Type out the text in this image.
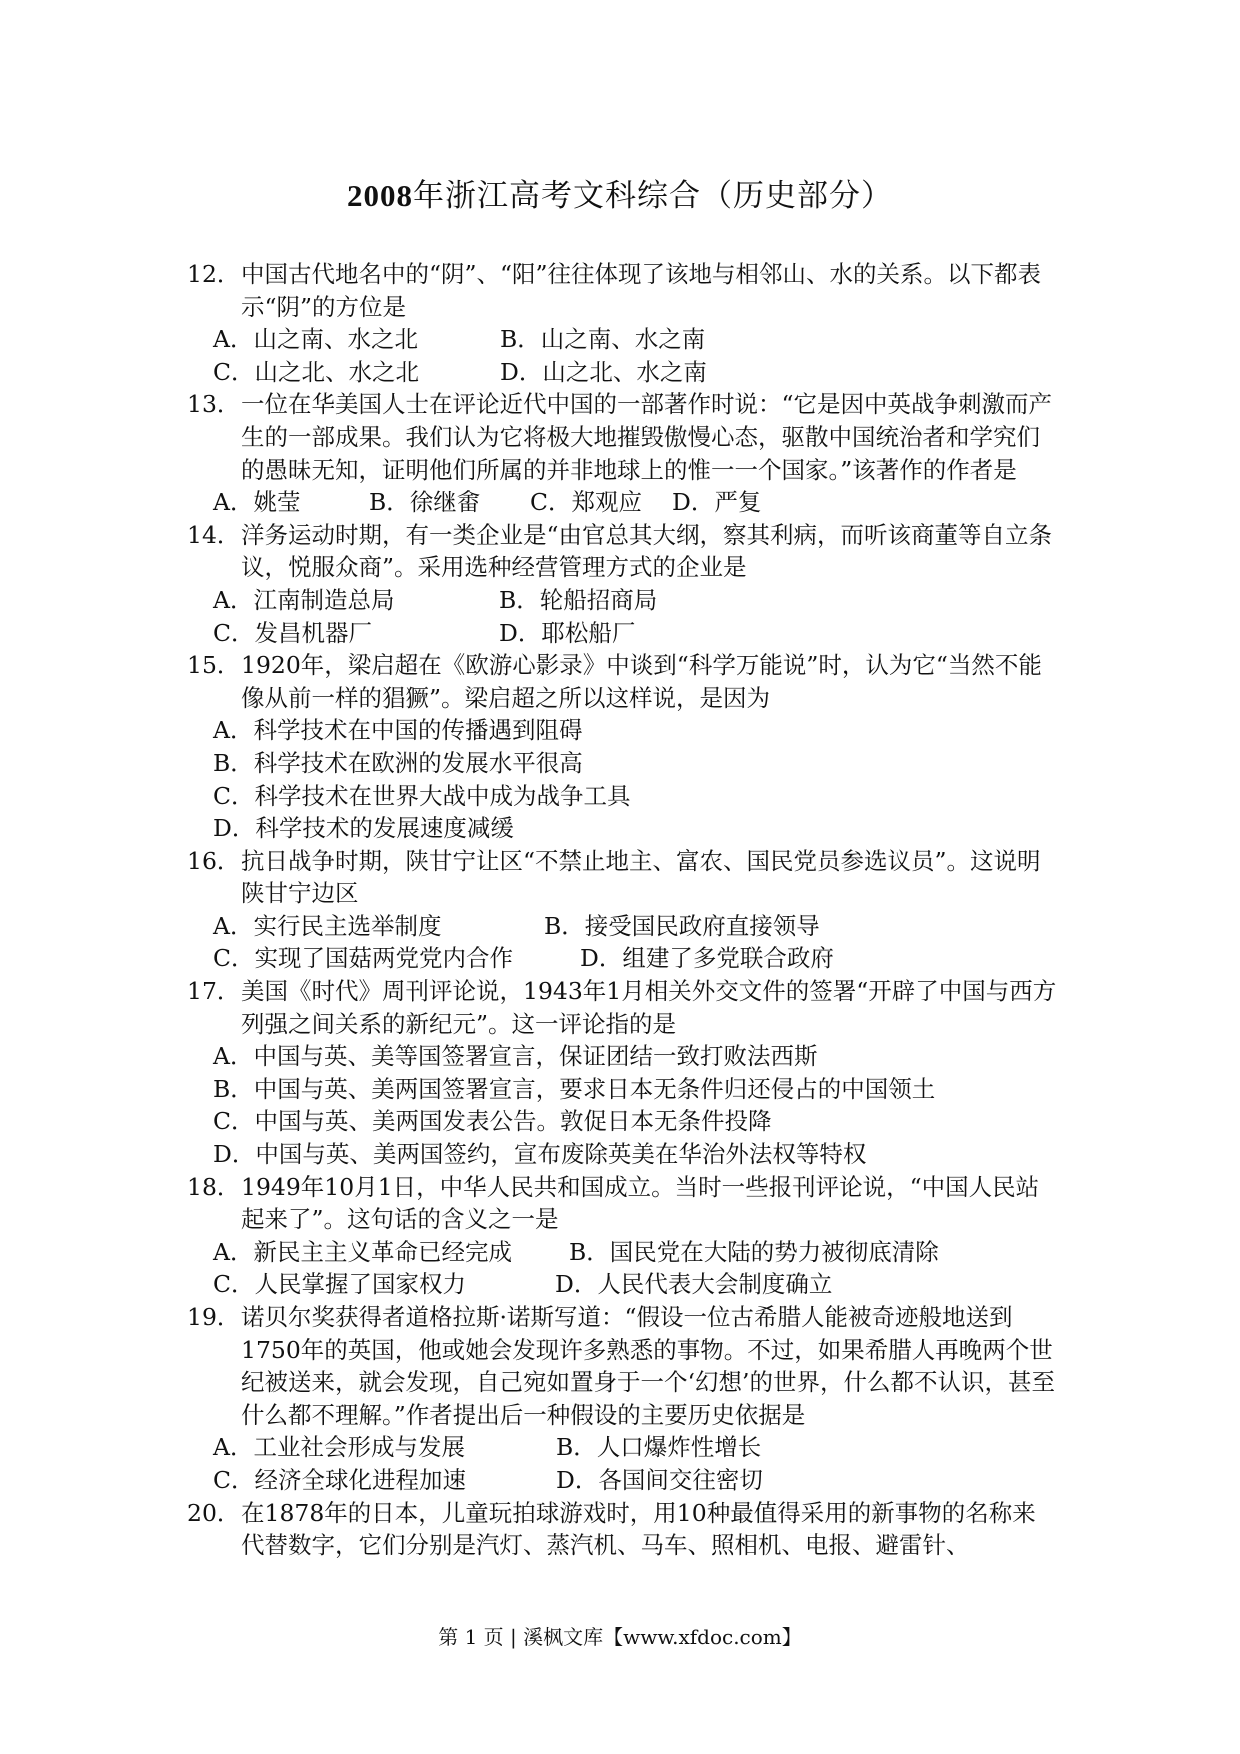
2008年浙江高考文科综合（历史部分）
12． 中国古代地名中的“阴”、“阳”往往体现了该地与相邻山、水的关系。以下都表示“阴”的方位是
A．山之南、水之北	B．山之南、水之南
C．山之北、水之北	D．山之北、水之南
13． 一位在华美国人士在评论近代中国的一部著作时说：“它是因中英战争刺激而产生的一部成果。我们认为它将极大地摧毁傲慢心态，驱散中国统治者和学究们的愚昧无知，证明他们所属的并非地球上的惟一一个国家。”该著作的作者是
A．姚莹	B．徐继畬	C．郑观应	D．严复
14． 洋务运动时期，有一类企业是“由官总其大纲，察其利病，而听该商董等自立条议，悦服众商”。采用选种经营管理方式的企业是
A．江南制造总局	B．轮船招商局
C．发昌机器厂	D．耶松船厂
15． 1920年，梁启超在《欧游心影录》中谈到“科学万能说”时，认为它“当然不能像从前一样的猖獗”。梁启超之所以这样说，是因为
A．科学技术在中国的传播遇到阻碍
B．科学技术在欧洲的发展水平很高
C．科学技术在世界大战中成为战争工具
D．科学技术的发展速度减缓
16． 抗日战争时期，陕甘宁让区“不禁止地主、富农、国民党员参选议员”。这说明陕甘宁边区
A．实行民主选举制度	B．接受国民政府直接领导
C．实现了国菇两党党内合作	D．组建了多党联合政府
17． 美国《时代》周刊评论说，1943年1月相关外交文件的签署“开辟了中国与西方列强之间关系的新纪元”。这一评论指的是
A．中国与英、美等国签署宣言，保证团结一致打败法西斯
B．中国与英、美两国签署宣言，要求日本无条件归还侵占的中国领土
C．中国与英、美两国发表公告。敦促日本无条件投降
D．中国与英、美两国签约，宣布废除英美在华治外法权等特权
18． 1949年10月1日，中华人民共和国成立。当时一些报刊评论说，“中国人民站起来了”。这句话的含义之一是
A．新民主主义革命已经完成	B．国民党在大陆的势力被彻底清除
C．人民掌握了国家权力	D．人民代表大会制度确立
19． 诺贝尔奖获得者道格拉斯·诺斯写道：“假设一位古希腊人能被奇迹般地送到1750年的英国，他或她会发现许多熟悉的事物。不过，如果希腊人再晚两个世纪被送来，就会发现，自己宛如置身于一个‘幻想’的世界，什么都不认识，甚至什么都不理解。”作者提出后一种假设的主要历史依据是
A．工业社会形成与发展	B．人口爆炸性增长
C．经济全球化进程加速	D．各国间交往密切
20． 在1878年的日本，儿童玩拍球游戏时，用10种最值得采用的新事物的名称来代替数字，它们分别是汽灯、蒸汽机、马车、照相机、电报、避雷针、
第 1 页 | 溪枫文库【www.xfdoc.com】
